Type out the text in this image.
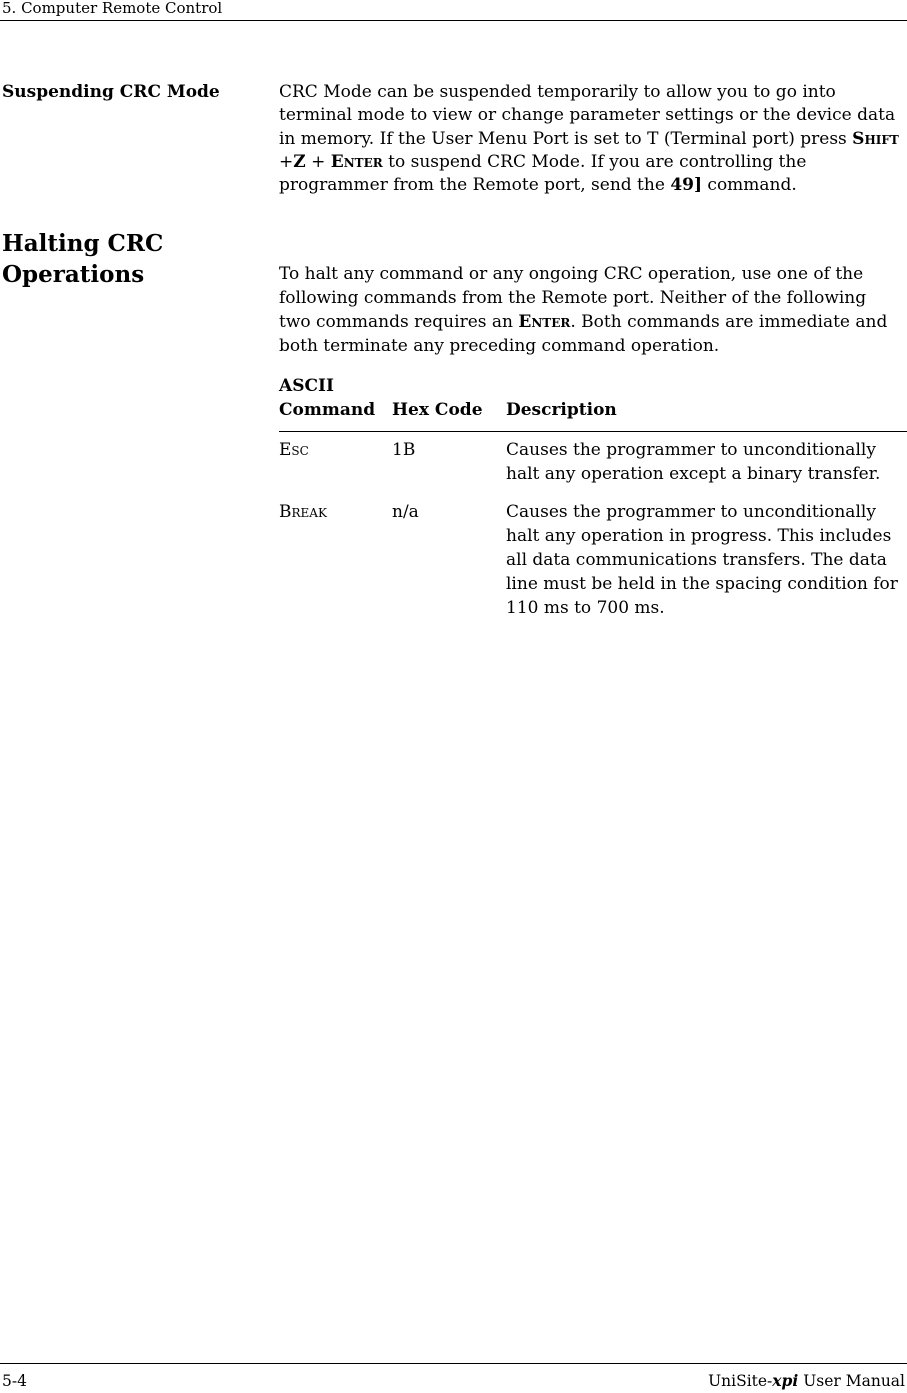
5. Computer Remote Control
Suspending CRC Mode	CRC Mode can be suspended temporarily to allow you to go into terminal mode to view or change parameter settings or the device data in memory. If the User Menu Port is set to T (Terminal port) press Shift +Z + Enter to suspend CRC Mode. If you are controlling the programmer from the Remote port, send the 49] command.
Halting CRC
Operations	To halt any command or any ongoing CRC operation, use one of the following commands from the Remote port. Neither of the following two commands requires an Enter. Both commands are immediate and both terminate any preceding command operation.
ASCII
Command Hex Code Description
Esc	1B	Causes the programmer to unconditionally halt any operation except a binary transfer.
Break	n/a	Causes the programmer to unconditionally halt any operation in progress. This includes all data communications transfers. The data line must be held in the spacing condition for 110 ms to 700 ms.
5-4	UniSite-xpi User Manual
